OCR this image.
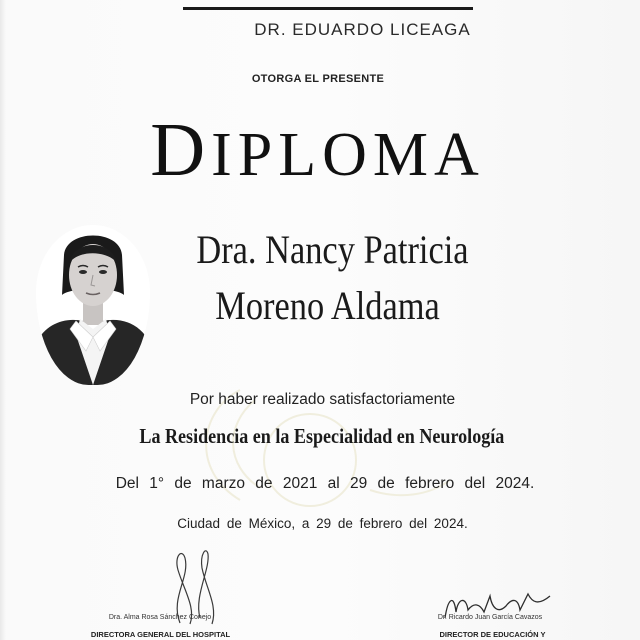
DR. EDUARDO LICEAGA
OTORGA EL PRESENTE
DIPLOMA
Dra. Nancy Patricia
Moreno Aldama
Por haber realizado satisfactoriamente
La Residencia en la Especialidad en Neurología
Del 1° de marzo de 2021 al 29 de febrero del 2024.
Ciudad de México, a 29 de febrero del 2024.
Dra. Alma Rosa Sánchez Conejo
DIRECTORA GENERAL DEL HOSPITAL
Dr. Ricardo Juan García Cavazos
DIRECTOR DE EDUCACIÓN Y
